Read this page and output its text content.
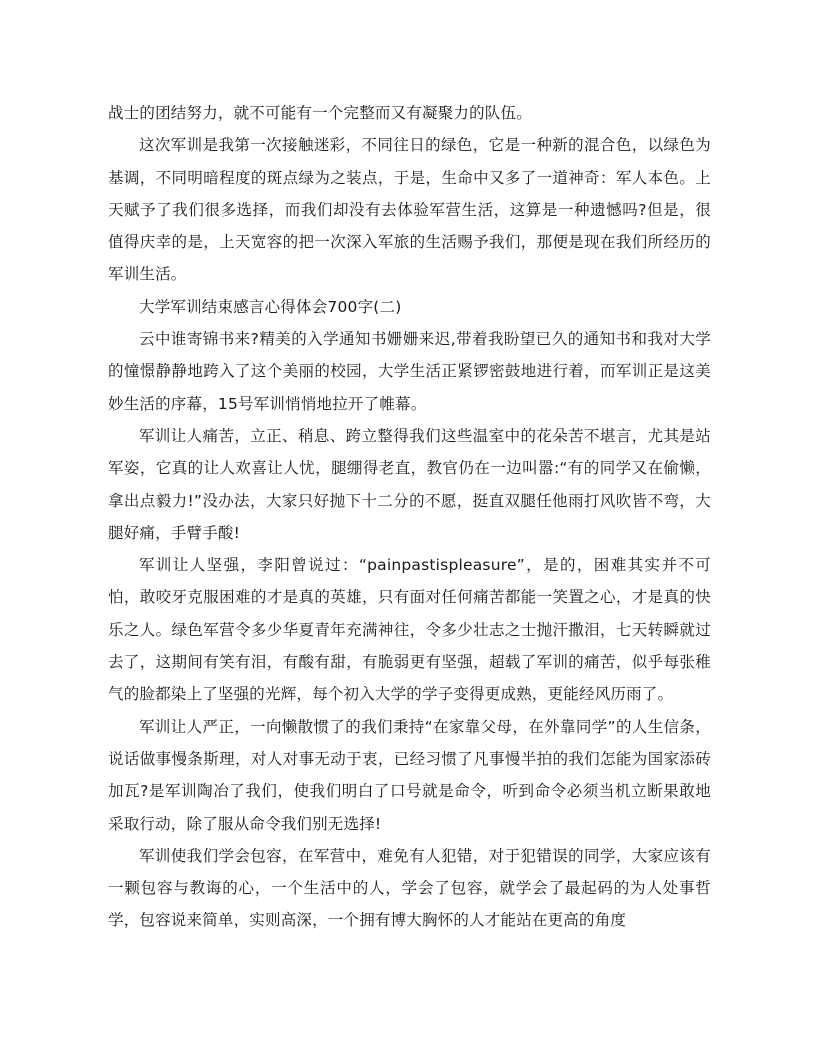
战士的团结努力，就不可能有一个完整而又有凝聚力的队伍。

这次军训是我第一次接触迷彩，不同往日的绿色，它是一种新的混合色，以绿色为基调，不同明暗程度的斑点绿为之装点，于是，生命中又多了一道神奇：军人本色。上天赋予了我们很多选择，而我们却没有去体验军营生活，这算是一种遗憾吗?但是，很值得庆幸的是，上天宽容的把一次深入军旅的生活赐予我们，那便是现在我们所经历的军训生活。

大学军训结束感言心得体会700字(二)

云中谁寄锦书来?精美的入学通知书姗姗来迟,带着我盼望已久的通知书和我对大学的憧憬静静地跨入了这个美丽的校园，大学生活正紧锣密鼓地进行着，而军训正是这美妙生活的序幕，15号军训悄悄地拉开了帷幕。

军训让人痛苦，立正、稍息、跨立整得我们这些温室中的花朵苦不堪言，尤其是站军姿，它真的让人欢喜让人忧，腿绷得老直，教官仍在一边叫嚣:“有的同学又在偷懒，拿出点毅力!”没办法，大家只好抛下十二分的不愿，挺直双腿任他雨打风吹皆不弯，大腿好痛，手臂手酸!

军训让人坚强，李阳曾说过：“painpastispleasure”，是的，困难其实并不可怕，敢咬牙克服困难的才是真的英雄，只有面对任何痛苦都能一笑置之心，才是真的快乐之人。绿色军营令多少华夏青年充满神往，令多少壮志之士抛汗撒泪，七天转瞬就过去了，这期间有笑有泪，有酸有甜，有脆弱更有坚强，超载了军训的痛苦，似乎每张稚气的脸都染上了坚强的光辉，每个初入大学的学子变得更成熟，更能经风历雨了。

军训让人严正，一向懒散惯了的我们秉持“在家靠父母，在外靠同学”的人生信条，说话做事慢条斯理，对人对事无动于衷，已经习惯了凡事慢半拍的我们怎能为国家添砖加瓦?是军训陶冶了我们，使我们明白了口号就是命令，听到命令必须当机立断果敢地采取行动，除了服从命令我们别无选择!

军训使我们学会包容，在军营中，难免有人犯错，对于犯错误的同学，大家应该有一颗包容与教诲的心，一个生活中的人，学会了包容，就学会了最起码的为人处事哲学，包容说来简单，实则高深，一个拥有博大胸怀的人才能站在更高的角度
